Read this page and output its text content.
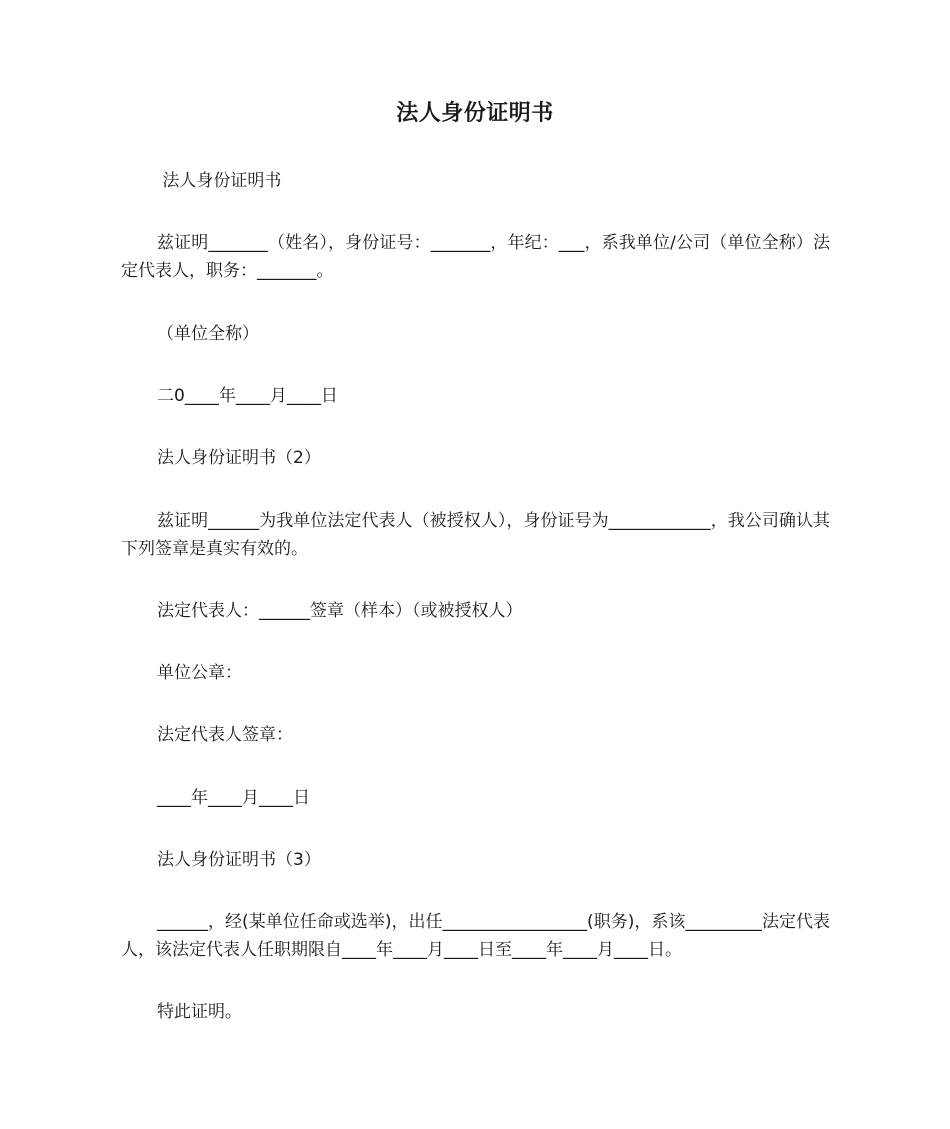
法人身份证明书

法人身份证明书

兹证明_______（姓名），身份证号：_______，年纪：___，系我单位/公司（单位全称）法定代表人，职务：_______。

（单位全称）

二0____年____月____日

法人身份证明书（2）

兹证明______为我单位法定代表人（被授权人），身份证号为____________，我公司确认其下列签章是真实有效的。

法定代表人：______签章（样本）（或被授权人）

单位公章：

法定代表人签章：

____年____月____日

法人身份证明书（3）

______，经(某单位任命或选举)，出任_________________(职务)，系该_________法定代表人，该法定代表人任职期限自____年____月____日至____年____月____日。

特此证明。
